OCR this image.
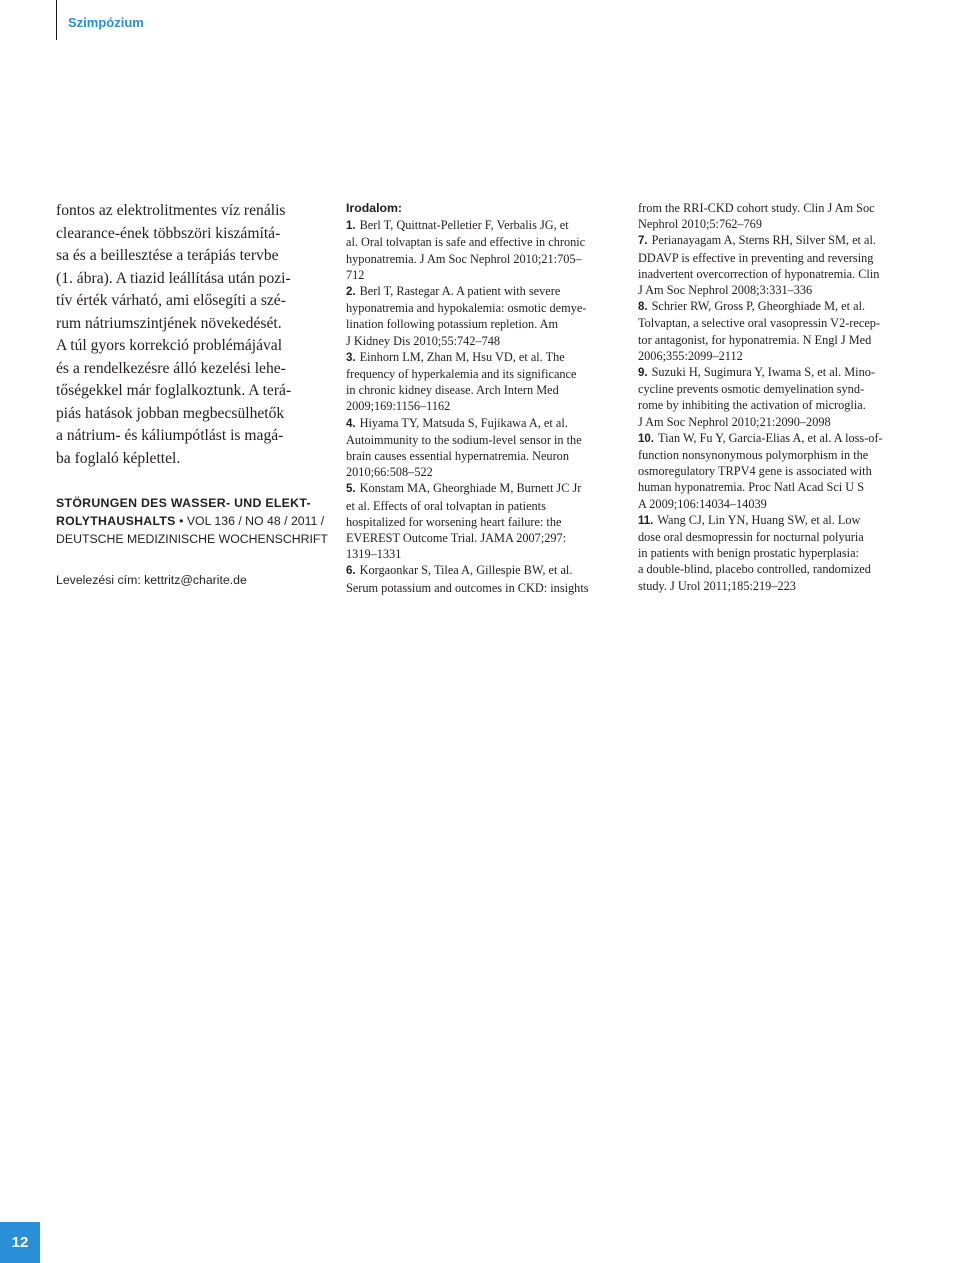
Szimpózium
fontos az elektrolitmentes víz renális
clearance-ének többszöri kiszámítá-
sa és a beillesztése a terápiás tervbe
(1. ábra). A tiazid leállítása után pozi-
tív érték várható, ami elősegíti a szé-
rum nátriumszintjének növekedését.
A túl gyors korrekció problémájával
és a rendelkezésre álló kezelési lehe-
tőségekkel már foglalkoztunk. A terá-
piás hatások jobban megbecsülhetők
a nátrium- és káliumpótlást is magá-
ba foglaló képlettel.
STÖRUNGEN DES WASSER- UND ELEKT-
ROLYTHAUSHALTS • VOL 136 / NO 48 / 2011 /
DEUTSCHE MEDIZINISCHE WOCHENSCHRIFT
Levelezési cím: kettritz@charite.de
Irodalom:
1. Berl T, Quittnat-Pelletier F, Verbalis JG, et
al. Oral tolvaptan is safe and effective in chronic
hyponatremia. J Am Soc Nephrol 2010;21:705–
712
2. Berl T, Rastegar A. A patient with severe
hyponatremia and hypokalemia: osmotic demye-
lination following potassium repletion. Am
J Kidney Dis 2010;55:742–748
3. Einhorn LM, Zhan M, Hsu VD, et al. The
frequency of hyperkalemia and its significance
in chronic kidney disease. Arch Intern Med
2009;169:1156–1162
4. Hiyama TY, Matsuda S, Fujikawa A, et al.
Autoimmunity to the sodium-level sensor in the
brain causes essential hypernatremia. Neuron
2010;66:508–522
5. Konstam MA, Gheorghiade M, Burnett JC Jr
et al. Effects of oral tolvaptan in patients
hospitalized for worsening heart failure: the
EVEREST Outcome Trial. JAMA 2007;297:
1319–1331
6. Korgaonkar S, Tilea A, Gillespie BW, et al.
Serum potassium and outcomes in CKD: insights
from the RRI-CKD cohort study. Clin J Am Soc
Nephrol 2010;5:762–769
7. Perianayagam A, Sterns RH, Silver SM, et al.
DDAVP is effective in preventing and reversing
inadvertent overcorrection of hyponatremia. Clin
J Am Soc Nephrol 2008;3:331–336
8. Schrier RW, Gross P, Gheorghiade M, et al.
Tolvaptan, a selective oral vasopressin V2-recep-
tor antagonist, for hyponatremia. N Engl J Med
2006;355:2099–2112
9. Suzuki H, Sugimura Y, Iwama S, et al. Mino-
cycline prevents osmotic demyelination synd-
rome by inhibiting the activation of microglia.
J Am Soc Nephrol 2010;21:2090–2098
10. Tian W, Fu Y, Garcia-Elias A, et al. A loss-of-
function nonsynonymous polymorphism in the
osmoregulatory TRPV4 gene is associated with
human hyponatremia. Proc Natl Acad Sci U S
A 2009;106:14034–14039
11. Wang CJ, Lin YN, Huang SW, et al. Low
dose oral desmopressin for nocturnal polyuria
in patients with benign prostatic hyperplasia:
a double-blind, placebo controlled, randomized
study. J Urol 2011;185:219–223
12
